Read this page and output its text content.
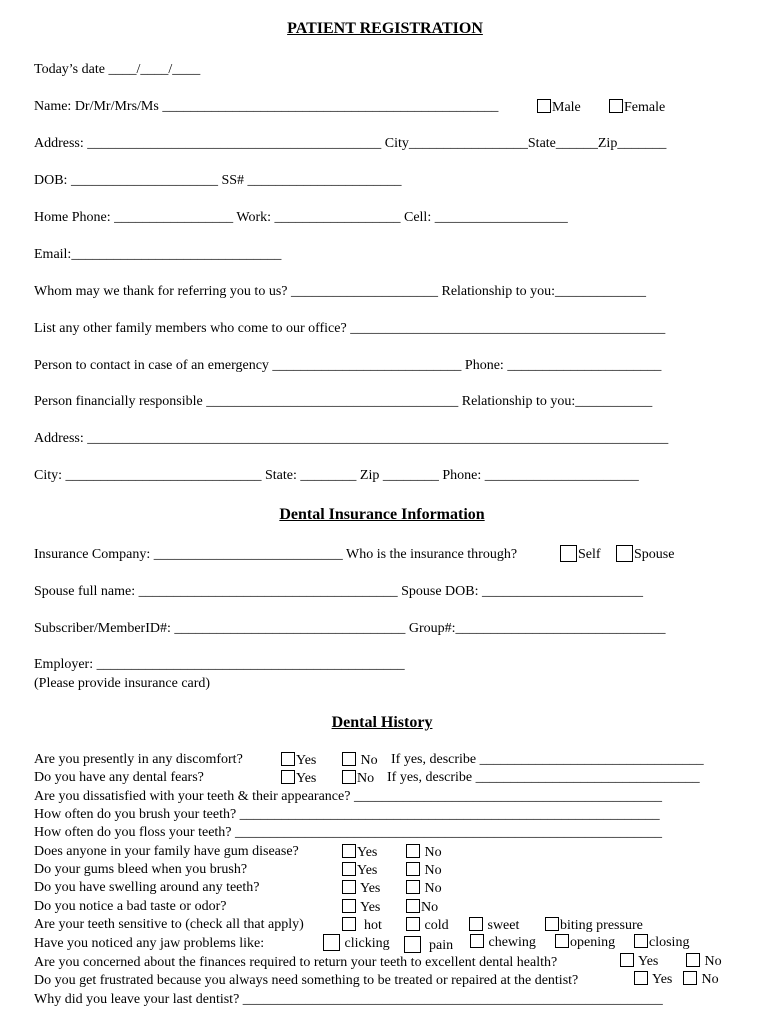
PATIENT REGISTRATION
Today’s date ____/____/____
Name: Dr/Mr/Mrs/Ms ________________________________________________	Male	Female
Address: __________________________________________ City_________________State______Zip_______
DOB: _____________________ SS# ______________________
Home Phone: _________________ Work: __________________ Cell: ___________________
Email:______________________________
Whom may we thank for referring you to us? _____________________ Relationship to you:_____________
List any other family members who come to our office? _____________________________________________
Person to contact in case of an emergency ___________________________ Phone: ______________________
Person financially responsible ____________________________________ Relationship to you:___________
Address: ___________________________________________________________________________________
City: ____________________________ State: ________ Zip ________ Phone: ______________________
Dental Insurance Information
Insurance Company: ___________________________ Who is the insurance through?	Self	Spouse
Spouse full name: _____________________________________ Spouse DOB: _______________________
Subscriber/MemberID#: _________________________________ Group#:______________________________
Employer: ____________________________________________
(Please provide insurance card)
Dental History
Are you presently in any discomfort?	Yes	No If yes, describe ________________________________
Do you have any dental fears?	Yes	No If yes, describe ________________________________
Are you dissatisfied with your teeth & their appearance? ____________________________________________
How often do you brush your teeth? ____________________________________________________________
How often do you floss your teeth? _____________________________________________________________
Does anyone in your family have gum disease?	Yes	No
Do your gums bleed when you brush?	Yes	No
Do you have swelling around any teeth?	Yes	No
Do you notice a bad taste or odor?	Yes	No
Are your teeth sensitive to (check all that apply)	hot	cold	sweet	biting pressure
Have you noticed any jaw problems like:	clicking	pain	chewing	opening	closing
Are you concerned about the finances required to return your teeth to excellent dental health?	Yes	No
Do you get frustrated because you always need something to be treated or repaired at the dentist?	Yes	No
Why did you leave your last dentist? ____________________________________________________________
